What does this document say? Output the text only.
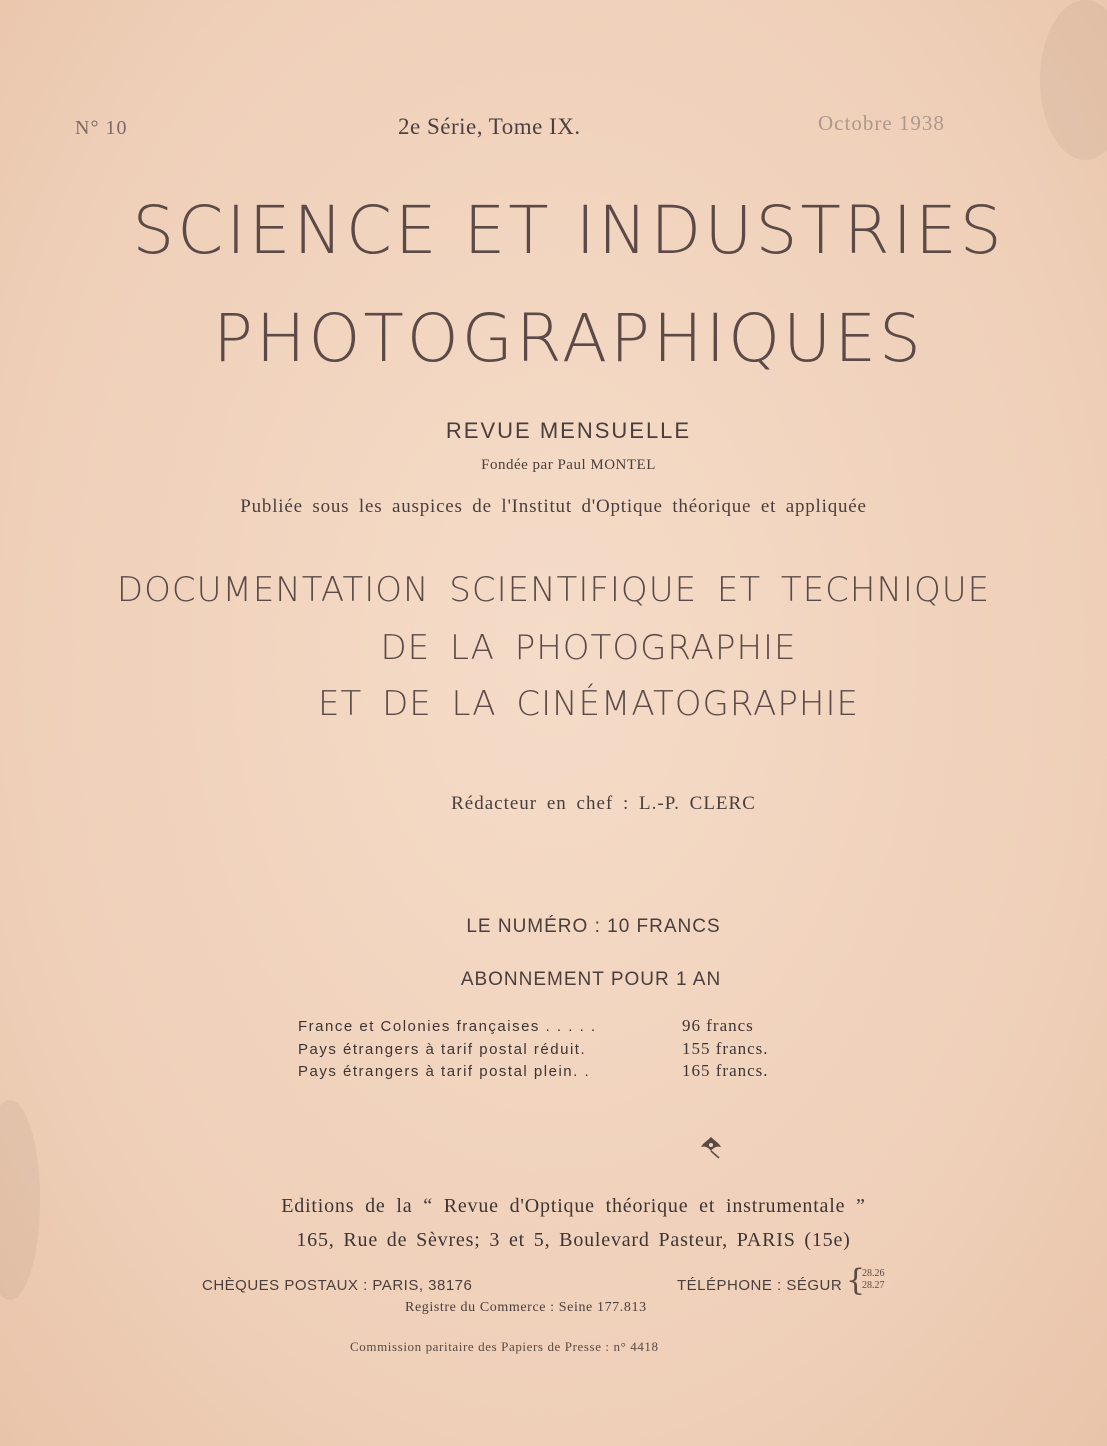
N° 10	2e Série, Tome IX.	Octobre 1938
SCIENCE ET INDUSTRIES
PHOTOGRAPHIQUES
REVUE MENSUELLE
Fondée par Paul MONTEL
Publiée sous les auspices de l'Institut d'Optique théorique et appliquée
DOCUMENTATION SCIENTIFIQUE ET TECHNIQUE
DE LA PHOTOGRAPHIE
ET DE LA CINÉMATOGRAPHIE
Rédacteur en chef : L.-P. CLERC
LE NUMÉRO : 10 FRANCS
ABONNEMENT POUR 1 AN
France et Colonies françaises . . . . .	96 francs
Pays étrangers à tarif postal réduit.	155 francs.
Pays étrangers à tarif postal plein. .	165 francs.
Editions de la “ Revue d'Optique théorique et instrumentale ”
165, Rue de Sèvres; 3 et 5, Boulevard Pasteur, PARIS (15e)
CHÈQUES POSTAUX : PARIS, 38176	TÉLÉPHONE : SÉGUR {
28.26
28.27
Registre du Commerce : Seine 177.813
Commission paritaire des Papiers de Presse : n° 4418
